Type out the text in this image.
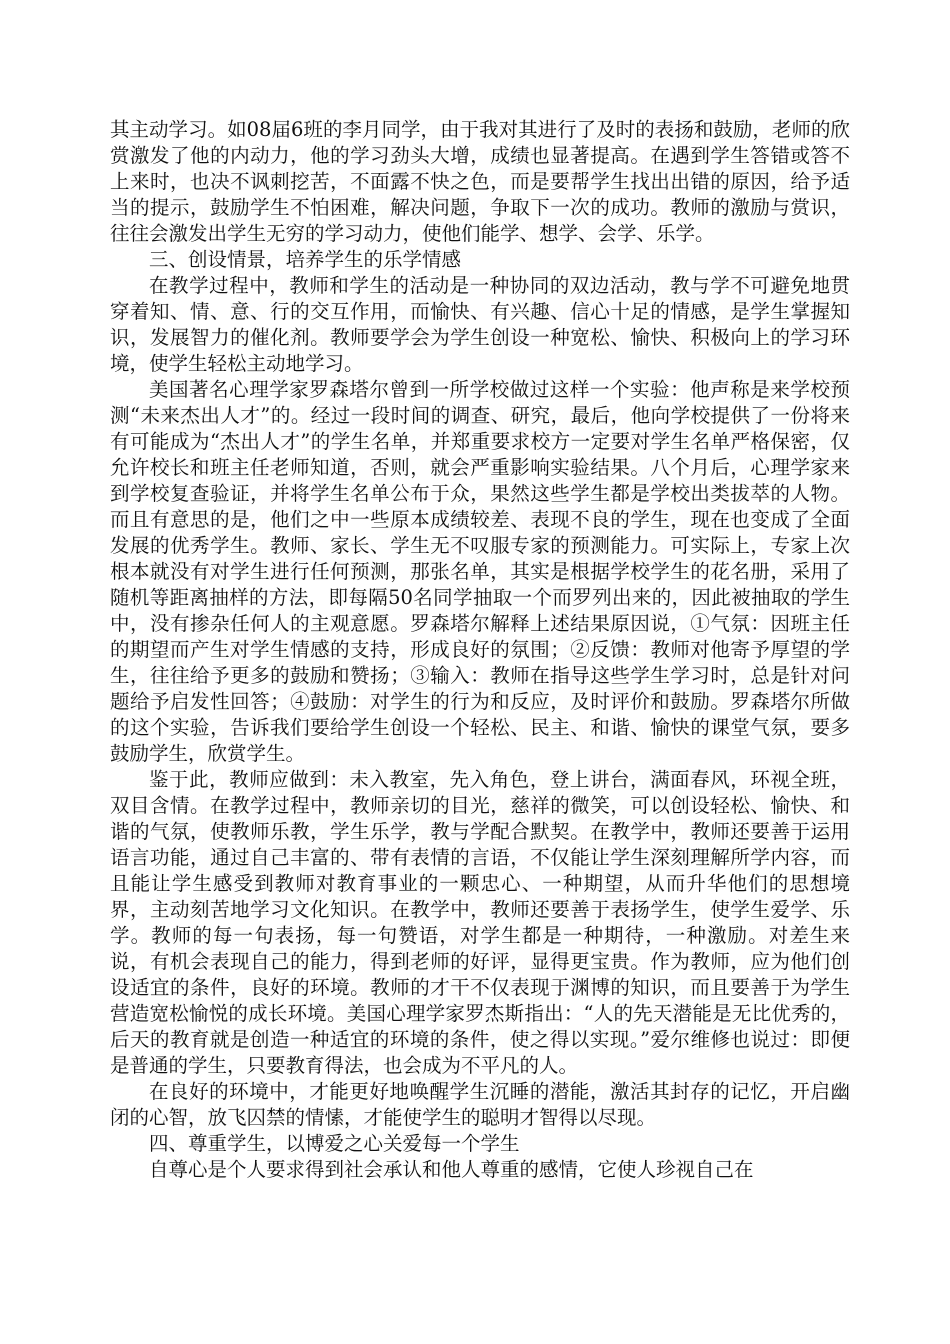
其主动学习。如08届6班的李月同学，由于我对其进行了及时的表扬和鼓励，老师的欣赏激发了他的内动力，他的学习劲头大增，成绩也显著提高。在遇到学生答错或答不上来时，也决不讽刺挖苦，不面露不快之色，而是要帮学生找出出错的原因，给予适当的提示，鼓励学生不怕困难，解决问题，争取下一次的成功。教师的激励与赏识，往往会激发出学生无穷的学习动力，使他们能学、想学、会学、乐学。

三、创设情景，培养学生的乐学情感

在教学过程中，教师和学生的活动是一种协同的双边活动，教与学不可避免地贯穿着知、情、意、行的交互作用，而愉快、有兴趣、信心十足的情感，是学生掌握知识，发展智力的催化剂。教师要学会为学生创设一种宽松、愉快、积极向上的学习环境，使学生轻松主动地学习。

美国著名心理学家罗森塔尔曾到一所学校做过这样一个实验：他声称是来学校预测“未来杰出人才”的。经过一段时间的调查、研究，最后，他向学校提供了一份将来有可能成为“杰出人才”的学生名单，并郑重要求校方一定要对学生名单严格保密，仅允许校长和班主任老师知道，否则，就会严重影响实验结果。八个月后，心理学家来到学校复查验证，并将学生名单公布于众，果然这些学生都是学校出类拔萃的人物。而且有意思的是，他们之中一些原本成绩较差、表现不良的学生，现在也变成了全面发展的优秀学生。教师、家长、学生无不叹服专家的预测能力。可实际上，专家上次根本就没有对学生进行任何预测，那张名单，其实是根据学校学生的花名册，采用了随机等距离抽样的方法，即每隔50名同学抽取一个而罗列出来的，因此被抽取的学生中，没有掺杂任何人的主观意愿。罗森塔尔解释上述结果原因说，①气氛：因班主任的期望而产生对学生情感的支持，形成良好的氛围；②反馈：教师对他寄予厚望的学生，往往给予更多的鼓励和赞扬；③输入：教师在指导这些学生学习时，总是针对问题给予启发性回答；④鼓励：对学生的行为和反应，及时评价和鼓励。罗森塔尔所做的这个实验，告诉我们要给学生创设一个轻松、民主、和谐、愉快的课堂气氛，要多鼓励学生，欣赏学生。

鉴于此，教师应做到：未入教室，先入角色，登上讲台，满面春风，环视全班，双目含情。在教学过程中，教师亲切的目光，慈祥的微笑，可以创设轻松、愉快、和谐的气氛，使教师乐教，学生乐学，教与学配合默契。在教学中，教师还要善于运用语言功能，通过自己丰富的、带有表情的言语，不仅能让学生深刻理解所学内容，而且能让学生感受到教师对教育事业的一颗忠心、一种期望，从而升华他们的思想境界，主动刻苦地学习文化知识。在教学中，教师还要善于表扬学生，使学生爱学、乐学。教师的每一句表扬，每一句赞语，对学生都是一种期待，一种激励。对差生来说，有机会表现自己的能力，得到老师的好评，显得更宝贵。作为教师，应为他们创设适宜的条件，良好的环境。教师的才干不仅表现于渊博的知识，而且要善于为学生营造宽松愉悦的成长环境。美国心理学家罗杰斯指出：“人的先天潜能是无比优秀的，后天的教育就是创造一种适宜的环境的条件，使之得以实现。”爱尔维修也说过：即便是普通的学生，只要教育得法，也会成为不平凡的人。

在良好的环境中，才能更好地唤醒学生沉睡的潜能，激活其封存的记忆，开启幽闭的心智，放飞囚禁的情愫，才能使学生的聪明才智得以尽现。

四、尊重学生，以博爱之心关爱每一个学生

自尊心是个人要求得到社会承认和他人尊重的感情，它使人珍视自己在
